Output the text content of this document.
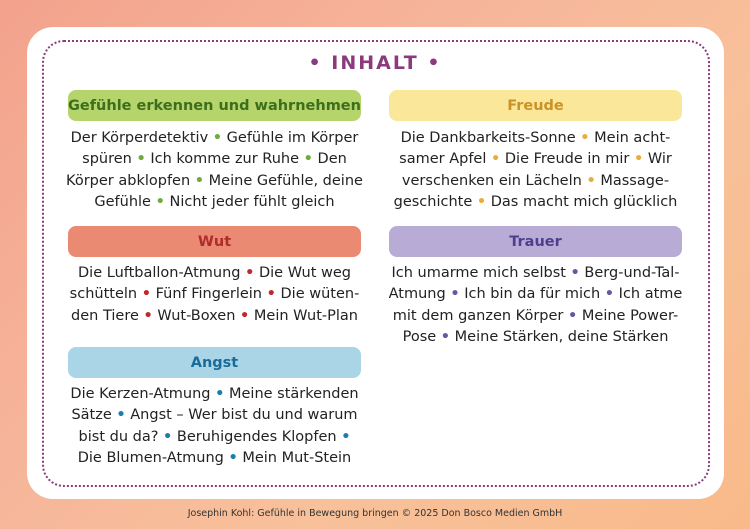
• INHALT •
Gefühle erkennen und wahrnehmen
Der Körperdetektiv • Gefühle im Körper
spüren • Ich komme zur Ruhe • Den
Körper abklopfen • Meine Gefühle, deine
Gefühle • Nicht jeder fühlt gleich
Freude
Die Dankbarkeits-Sonne • Mein acht-
samer Apfel • Die Freude in mir • Wir
verschenken ein Lächeln • Massage-
geschichte • Das macht mich glücklich
Wut
Die Luftballon-Atmung • Die Wut weg
schütteln • Fünf Fingerlein • Die wüten-
den Tiere • Wut-Boxen • Mein Wut-Plan
Trauer
Ich umarme mich selbst • Berg-und-Tal-
Atmung • Ich bin da für mich • Ich atme
mit dem ganzen Körper • Meine Power-
Pose • Meine Stärken, deine Stärken
Angst
Die Kerzen-Atmung • Meine stärkenden
Sätze • Angst – Wer bist du und warum
bist du da? • Beruhigendes Klopfen •
Die Blumen-Atmung • Mein Mut-Stein
Josephin Kohl: Gefühle in Bewegung bringen © 2025 Don Bosco Medien GmbH
